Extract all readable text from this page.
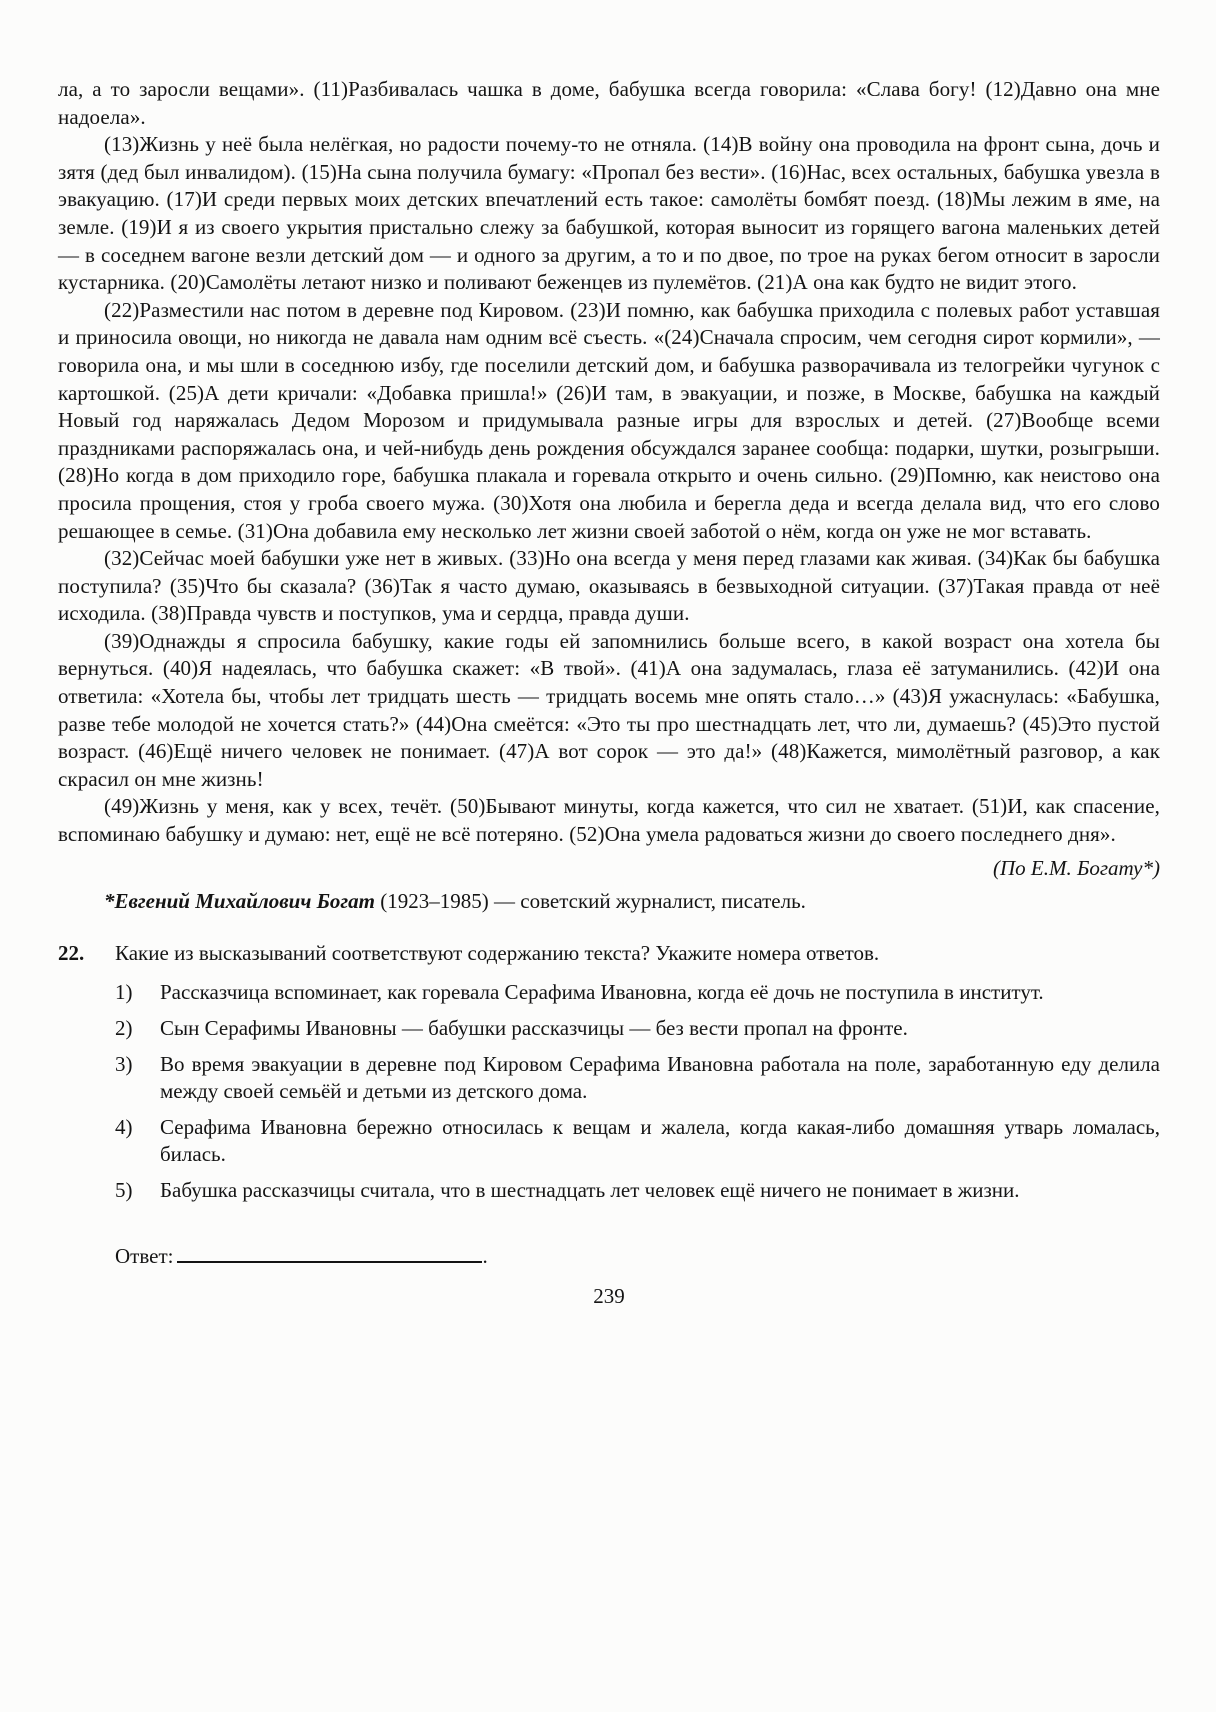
ла, а то заросли вещами». (11)Разбивалась чашка в доме, бабушка всегда говорила: «Слава богу! (12)Давно она мне надоела».

(13)Жизнь у неё была нелёгкая, но радости почему-то не отняла. (14)В войну она проводила на фронт сына, дочь и зятя (дед был инвалидом). (15)На сына получила бумагу: «Пропал без вести». (16)Нас, всех остальных, бабушка увезла в эвакуацию. (17)И среди первых моих детских впечатлений есть такое: самолёты бомбят поезд. (18)Мы лежим в яме, на земле. (19)И я из своего укрытия пристально слежу за бабушкой, которая выносит из горящего вагона маленьких детей — в соседнем вагоне везли детский дом — и одного за другим, а то и по двое, по трое на руках бегом относит в заросли кустарника. (20)Самолёты летают низко и поливают беженцев из пулемётов. (21)А она как будто не видит этого.

(22)Разместили нас потом в деревне под Кировом. (23)И помню, как бабушка приходила с полевых работ уставшая и приносила овощи, но никогда не давала нам одним всё съесть. «(24)Сначала спросим, чем сегодня сирот кормили», — говорила она, и мы шли в соседнюю избу, где поселили детский дом, и бабушка разворачивала из телогрейки чугунок с картошкой. (25)А дети кричали: «Добавка пришла!» (26)И там, в эвакуации, и позже, в Москве, бабушка на каждый Новый год наряжалась Дедом Морозом и придумывала разные игры для взрослых и детей. (27)Вообще всеми праздниками распоряжалась она, и чей-нибудь день рождения обсуждался заранее сообща: подарки, шутки, розыгрыши. (28)Но когда в дом приходило горе, бабушка плакала и горевала открыто и очень сильно. (29)Помню, как неистово она просила прощения, стоя у гроба своего мужа. (30)Хотя она любила и берегла деда и всегда делала вид, что его слово решающее в семье. (31)Она добавила ему несколько лет жизни своей заботой о нём, когда он уже не мог вставать.

(32)Сейчас моей бабушки уже нет в живых. (33)Но она всегда у меня перед глазами как живая. (34)Как бы бабушка поступила? (35)Что бы сказала? (36)Так я часто думаю, оказываясь в безвыходной ситуации. (37)Такая правда от неё исходила. (38)Правда чувств и поступков, ума и сердца, правда души.

(39)Однажды я спросила бабушку, какие годы ей запомнились больше всего, в какой возраст она хотела бы вернуться. (40)Я надеялась, что бабушка скажет: «В твой». (41)А она задумалась, глаза её затуманились. (42)И она ответила: «Хотела бы, чтобы лет тридцать шесть — тридцать восемь мне опять стало…» (43)Я ужаснулась: «Бабушка, разве тебе молодой не хочется стать?» (44)Она смеётся: «Это ты про шестнадцать лет, что ли, думаешь? (45)Это пустой возраст. (46)Ещё ничего человек не понимает. (47)А вот сорок — это да!» (48)Кажется, мимолётный разговор, а как скрасил он мне жизнь!

(49)Жизнь у меня, как у всех, течёт. (50)Бывают минуты, когда кажется, что сил не хватает. (51)И, как спасение, вспоминаю бабушку и думаю: нет, ещё не всё потеряно. (52)Она умела радоваться жизни до своего последнего дня».

(По Е.М. Богату*)
*Евгений Михайлович Богат (1923–1985) — советский журналист, писатель.
22.	Какие из высказываний соответствуют содержанию текста? Укажите номера ответов.
1)	Рассказчица вспоминает, как горевала Серафима Ивановна, когда её дочь не поступила в институт.
2)	Сын Серафимы Ивановны — бабушки рассказчицы — без вести пропал на фронте.
3)	Во время эвакуации в деревне под Кировом Серафима Ивановна работала на поле, заработанную еду делила между своей семьёй и детьми из детского дома.
4)	Серафима Ивановна бережно относилась к вещам и жалела, когда какая-либо домашняя утварь ломалась, билась.
5)	Бабушка рассказчицы считала, что в шестнадцать лет человек ещё ничего не понимает в жизни.
Ответ:	.
239
